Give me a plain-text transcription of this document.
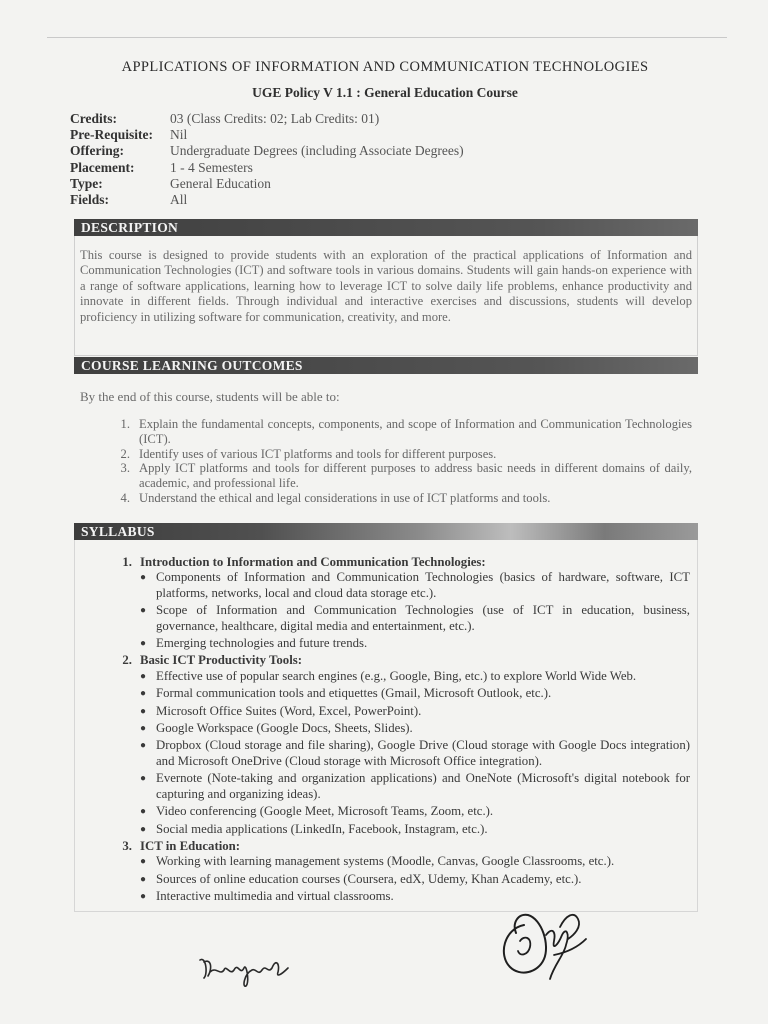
APPLICATIONS OF INFORMATION AND COMMUNICATION TECHNOLOGIES
UGE Policy V 1.1 : General Education Course
Credits:	03 (Class Credits: 02; Lab Credits: 01)
Pre-Requisite:	Nil
Offering:	Undergraduate Degrees (including Associate Degrees)
Placement:	1 - 4 Semesters
Type:	General Education
Fields:	All
DESCRIPTION
This course is designed to provide students with an exploration of the practical applications of Information and Communication Technologies (ICT) and software tools in various domains. Students will gain hands-on experience with a range of software applications, learning how to leverage ICT to solve daily life problems, enhance productivity and innovate in different fields. Through individual and interactive exercises and discussions, students will develop proficiency in utilizing software for communication, creativity, and more.
COURSE LEARNING OUTCOMES
By the end of this course, students will be able to:
1. Explain the fundamental concepts, components, and scope of Information and Communication Technologies (ICT).
2. Identify uses of various ICT platforms and tools for different purposes.
3. Apply ICT platforms and tools for different purposes to address basic needs in different domains of daily, academic, and professional life.
4. Understand the ethical and legal considerations in use of ICT platforms and tools.
SYLLABUS
1. Introduction to Information and Communication Technologies:
● Components of Information and Communication Technologies (basics of hardware, software, ICT platforms, networks, local and cloud data storage etc.).
● Scope of Information and Communication Technologies (use of ICT in education, business, governance, healthcare, digital media and entertainment, etc.).
● Emerging technologies and future trends.
2. Basic ICT Productivity Tools:
● Effective use of popular search engines (e.g., Google, Bing, etc.) to explore World Wide Web.
● Formal communication tools and etiquettes (Gmail, Microsoft Outlook, etc.).
● Microsoft Office Suites (Word, Excel, PowerPoint).
● Google Workspace (Google Docs, Sheets, Slides).
● Dropbox (Cloud storage and file sharing), Google Drive (Cloud storage with Google Docs integration) and Microsoft OneDrive (Cloud storage with Microsoft Office integration).
● Evernote (Note-taking and organization applications) and OneNote (Microsoft's digital notebook for capturing and organizing ideas).
● Video conferencing (Google Meet, Microsoft Teams, Zoom, etc.).
● Social media applications (LinkedIn, Facebook, Instagram, etc.).
3. ICT in Education:
● Working with learning management systems (Moodle, Canvas, Google Classrooms, etc.).
● Sources of online education courses (Coursera, edX, Udemy, Khan Academy, etc.).
● Interactive multimedia and virtual classrooms.
